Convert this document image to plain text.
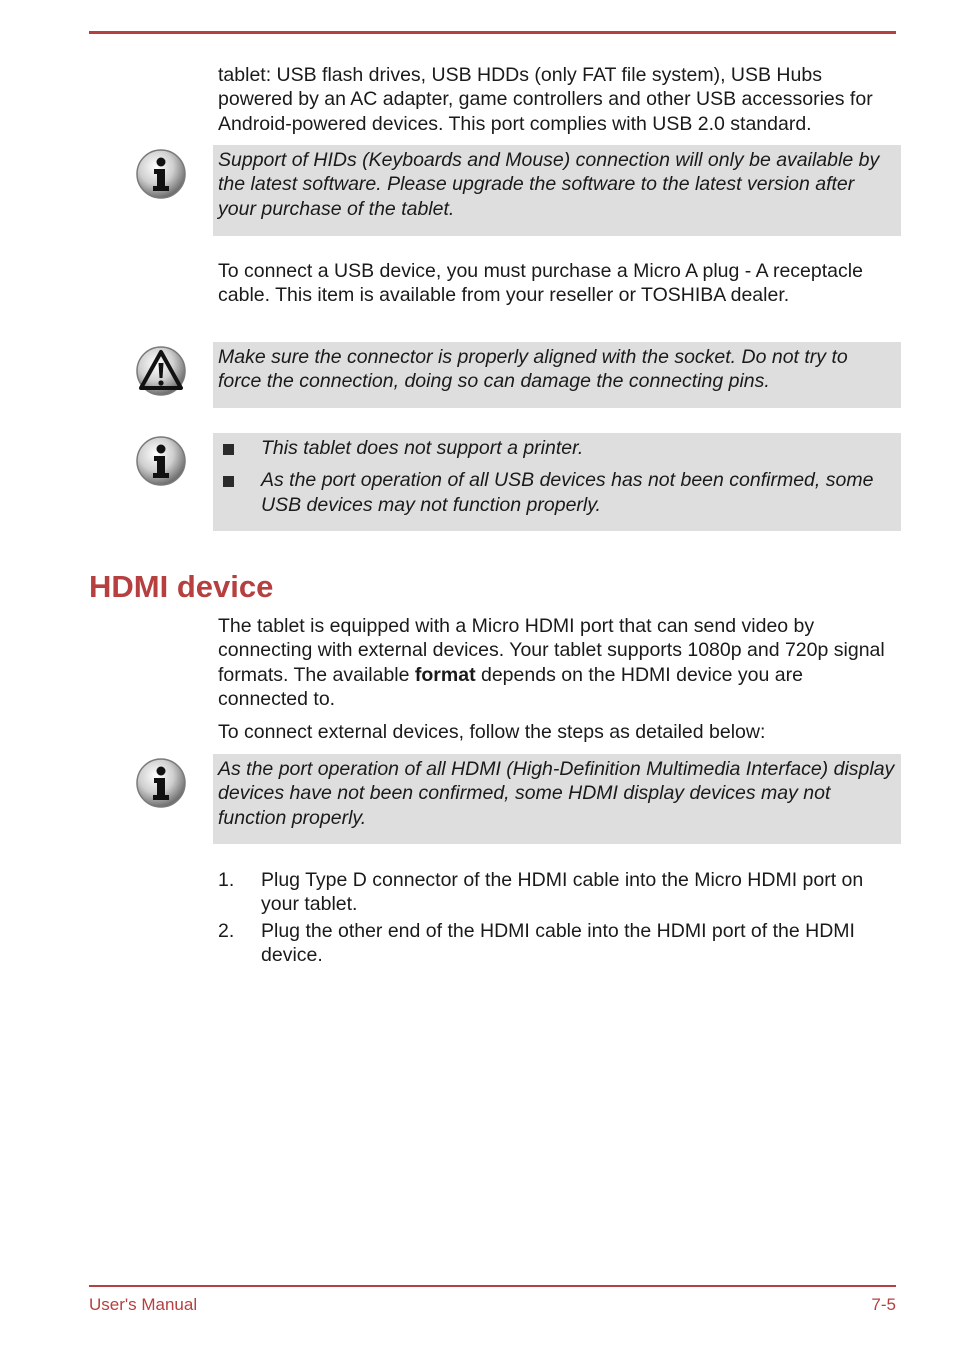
tablet: USB flash drives, USB HDDs (only FAT file system), USB Hubs powered by an AC adapter, game controllers and other USB accessories for Android-powered devices. This port complies with USB 2.0 standard.

Support of HIDs (Keyboards and Mouse) connection will only be available by the latest software. Please upgrade the software to the latest version after your purchase of the tablet.

To connect a USB device, you must purchase a Micro A plug - A receptacle cable. This item is available from your reseller or TOSHIBA dealer.

Make sure the connector is properly aligned with the socket. Do not try to force the connection, doing so can damage the connecting pins.

This tablet does not support a printer.
As the port operation of all USB devices has not been confirmed, some USB devices may not function properly.
HDMI device

The tablet is equipped with a Micro HDMI port that can send video by connecting with external devices. Your tablet supports 1080p and 720p signal formats. The available format depends on the HDMI device you are connected to.

To connect external devices, follow the steps as detailed below:

As the port operation of all HDMI (High-Definition Multimedia Interface) display devices have not been confirmed, some HDMI display devices may not function properly.

1. Plug Type D connector of the HDMI cable into the Micro HDMI port on your tablet.
2. Plug the other end of the HDMI cable into the HDMI port of the HDMI device.
User's Manual	7-5
